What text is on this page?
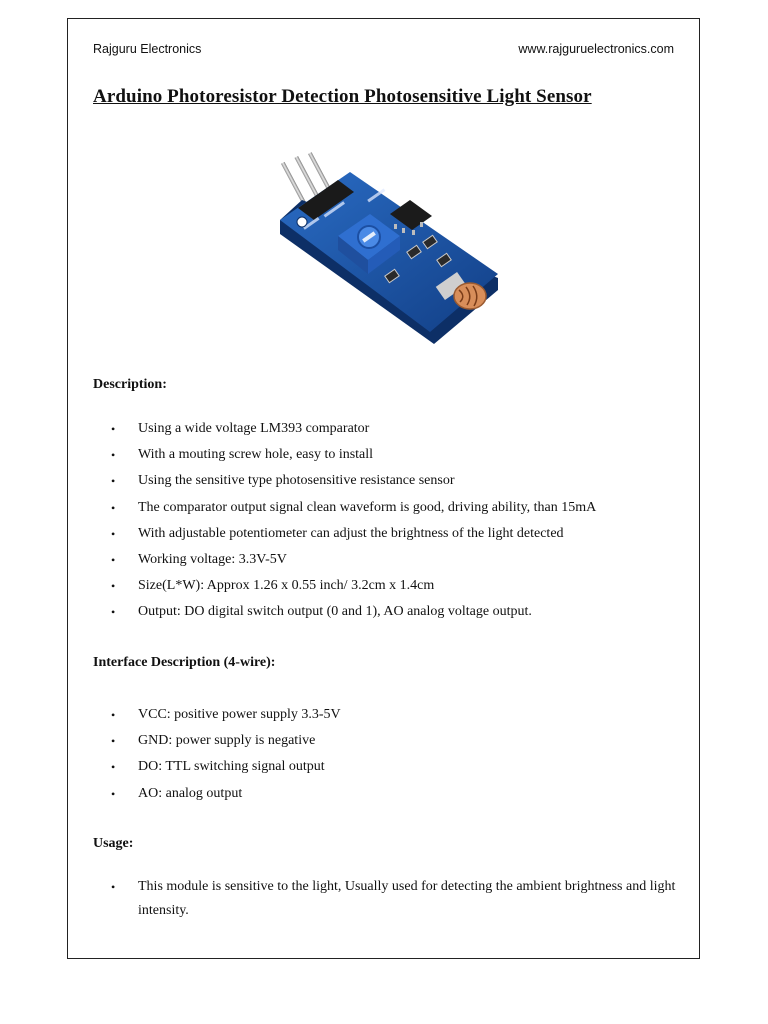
Rajguru Electronics	www.rajguruelectronics.com
Arduino Photoresistor Detection Photosensitive Light Sensor
Description:
• Using a wide voltage LM393 comparator
• With a mouting screw hole, easy to install
• Using the sensitive type photosensitive resistance sensor
• The comparator output signal clean waveform is good, driving ability, than 15mA
• With adjustable potentiometer can adjust the brightness of the light detected
• Working voltage: 3.3V-5V
• Size(L*W): Approx 1.26 x 0.55 inch/ 3.2cm x 1.4cm
• Output: DO digital switch output (0 and 1), AO analog voltage output.
Interface Description (4-wire):
• VCC: positive power supply 3.3-5V
• GND: power supply is negative
• DO: TTL switching signal output
• AO: analog output
Usage:
• This module is sensitive to the light, Usually used for detecting the ambient brightness and light intensity.
